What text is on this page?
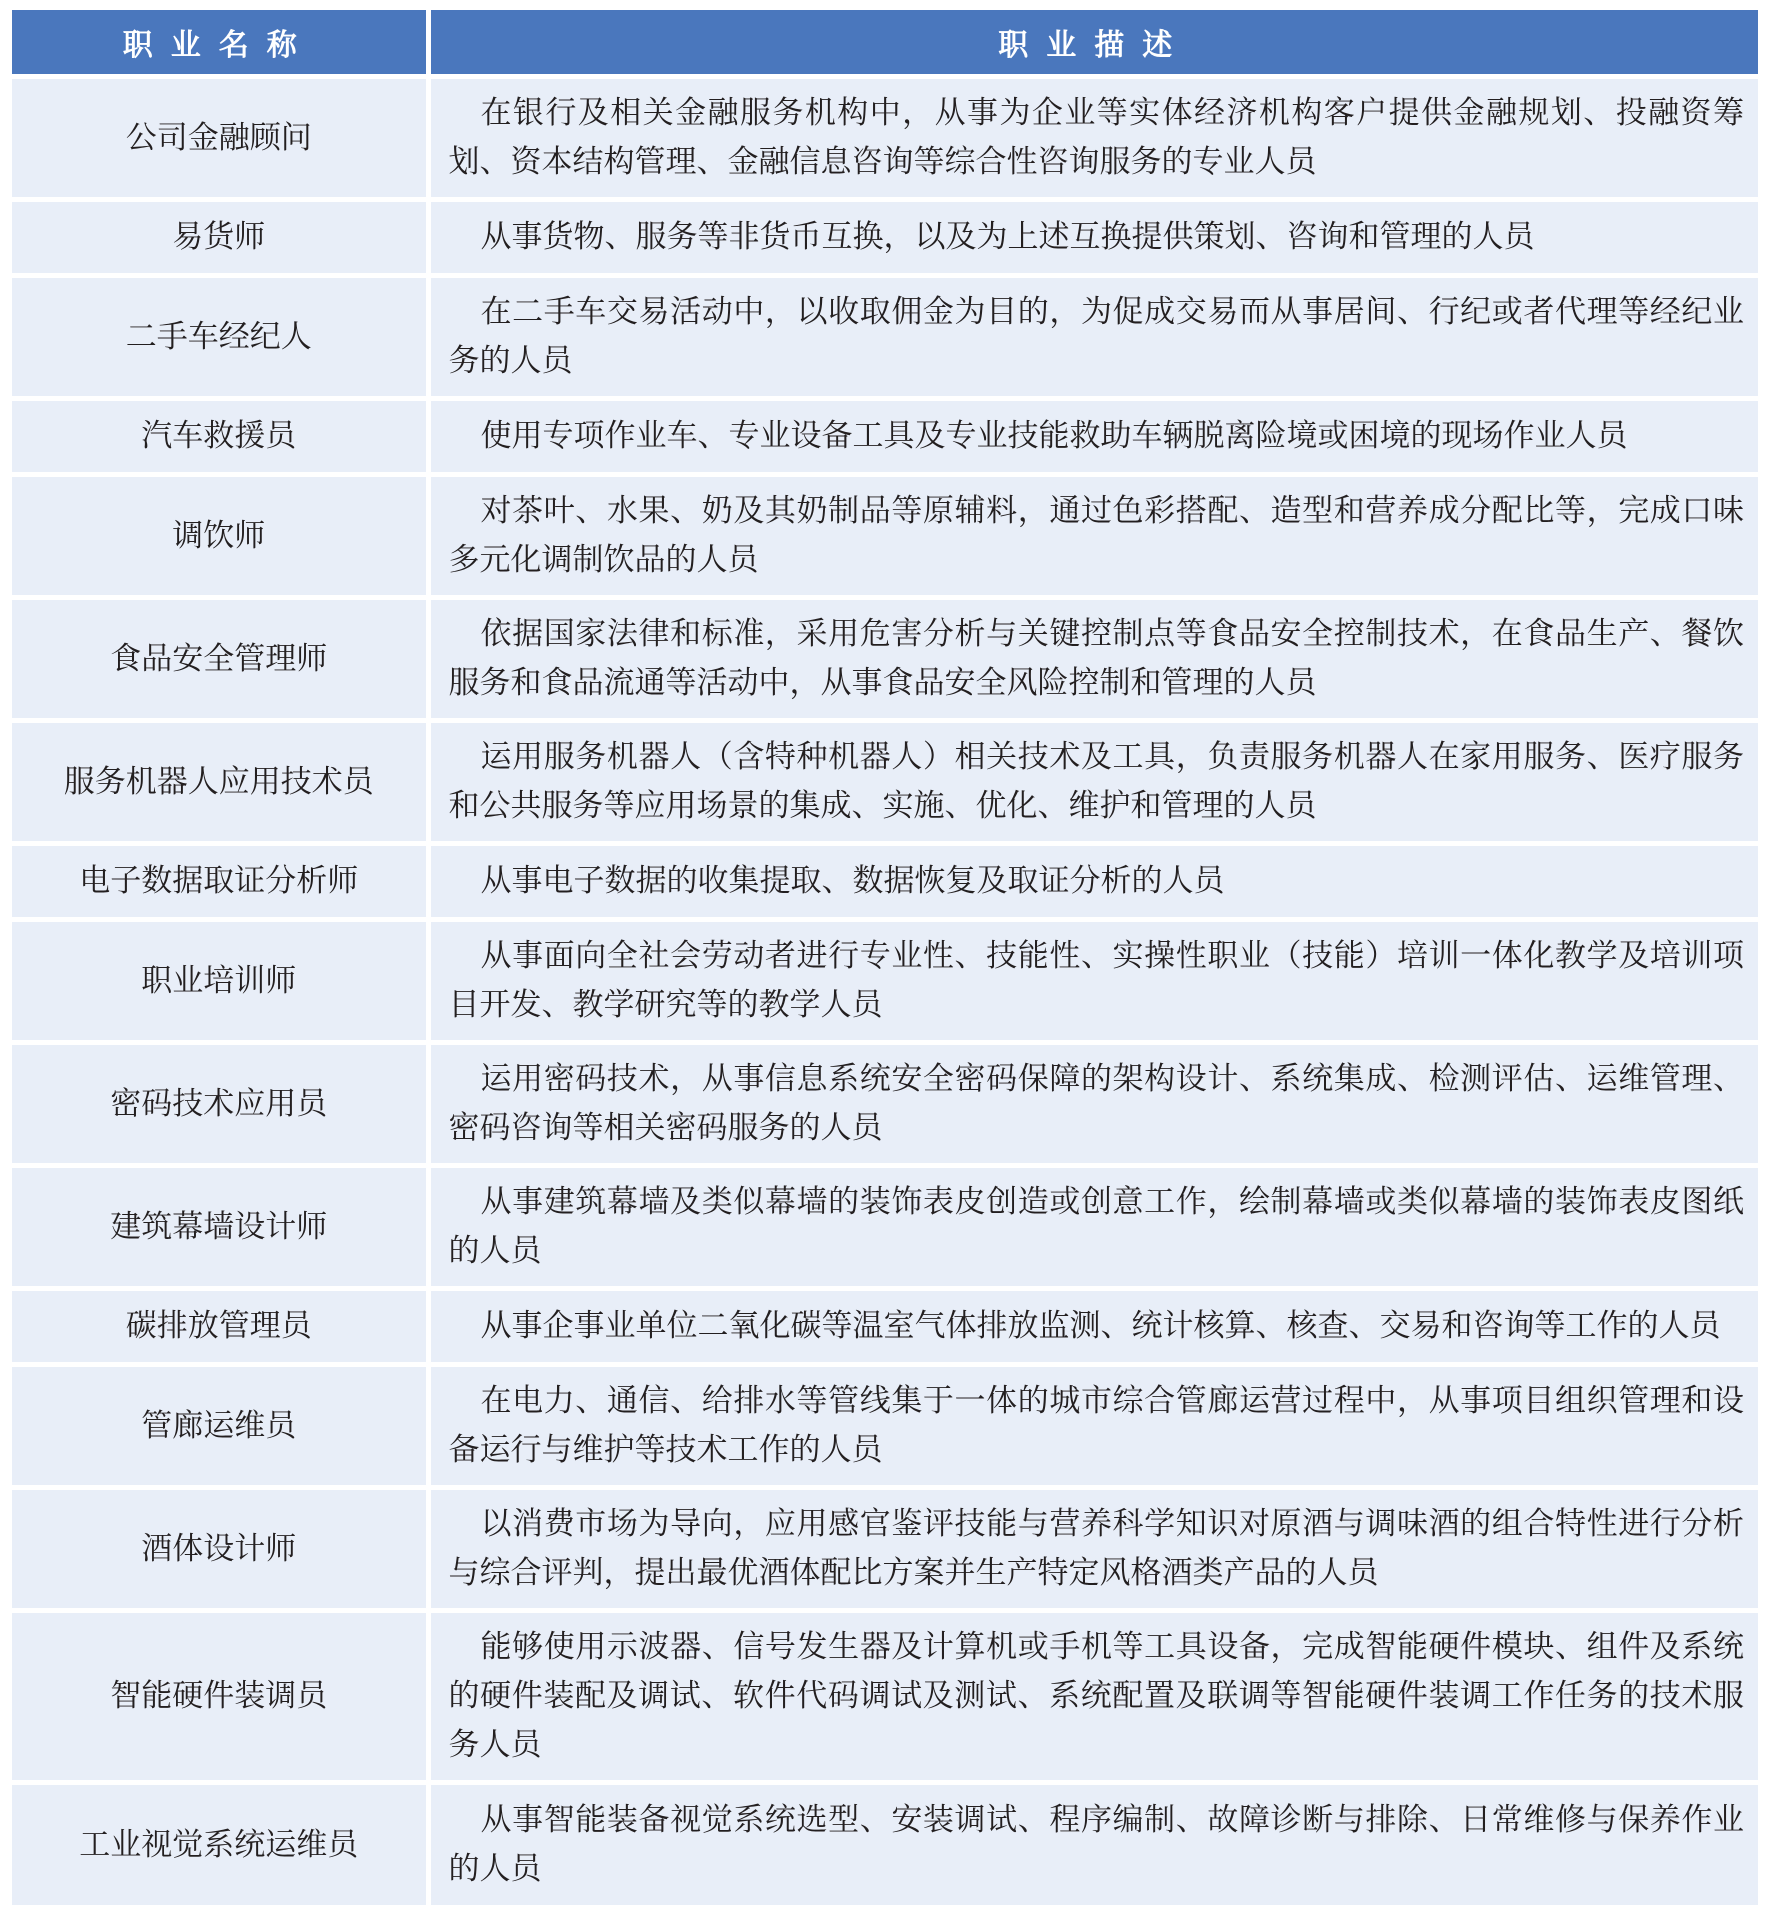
职业名称	职业描述
公司金融顾问	在银行及相关金融服务机构中，从事为企业等实体经济机构客户提供金融规划、投融资筹划、资本结构管理、金融信息咨询等综合性咨询服务的专业人员
易货师	从事货物、服务等非货币互换，以及为上述互换提供策划、咨询和管理的人员
二手车经纪人	在二手车交易活动中，以收取佣金为目的，为促成交易而从事居间、行纪或者代理等经纪业务的人员
汽车救援员	使用专项作业车、专业设备工具及专业技能救助车辆脱离险境或困境的现场作业人员
调饮师	对茶叶、水果、奶及其奶制品等原辅料，通过色彩搭配、造型和营养成分配比等，完成口味多元化调制饮品的人员
食品安全管理师	依据国家法律和标准，采用危害分析与关键控制点等食品安全控制技术，在食品生产、餐饮服务和食品流通等活动中，从事食品安全风险控制和管理的人员
服务机器人应用技术员	运用服务机器人（含特种机器人）相关技术及工具，负责服务机器人在家用服务、医疗服务和公共服务等应用场景的集成、实施、优化、维护和管理的人员
电子数据取证分析师	从事电子数据的收集提取、数据恢复及取证分析的人员
职业培训师	从事面向全社会劳动者进行专业性、技能性、实操性职业（技能）培训一体化教学及培训项目开发、教学研究等的教学人员
密码技术应用员	运用密码技术，从事信息系统安全密码保障的架构设计、系统集成、检测评估、运维管理、密码咨询等相关密码服务的人员
建筑幕墙设计师	从事建筑幕墙及类似幕墙的装饰表皮创造或创意工作，绘制幕墙或类似幕墙的装饰表皮图纸的人员
碳排放管理员	从事企事业单位二氧化碳等温室气体排放监测、统计核算、核查、交易和咨询等工作的人员
管廊运维员	在电力、通信、给排水等管线集于一体的城市综合管廊运营过程中，从事项目组织管理和设备运行与维护等技术工作的人员
酒体设计师	以消费市场为导向，应用感官鉴评技能与营养科学知识对原酒与调味酒的组合特性进行分析与综合评判，提出最优酒体配比方案并生产特定风格酒类产品的人员
智能硬件装调员	能够使用示波器、信号发生器及计算机或手机等工具设备，完成智能硬件模块、组件及系统的硬件装配及调试、软件代码调试及测试、系统配置及联调等智能硬件装调工作任务的技术服务人员
工业视觉系统运维员	从事智能装备视觉系统选型、安装调试、程序编制、故障诊断与排除、日常维修与保养作业的人员
